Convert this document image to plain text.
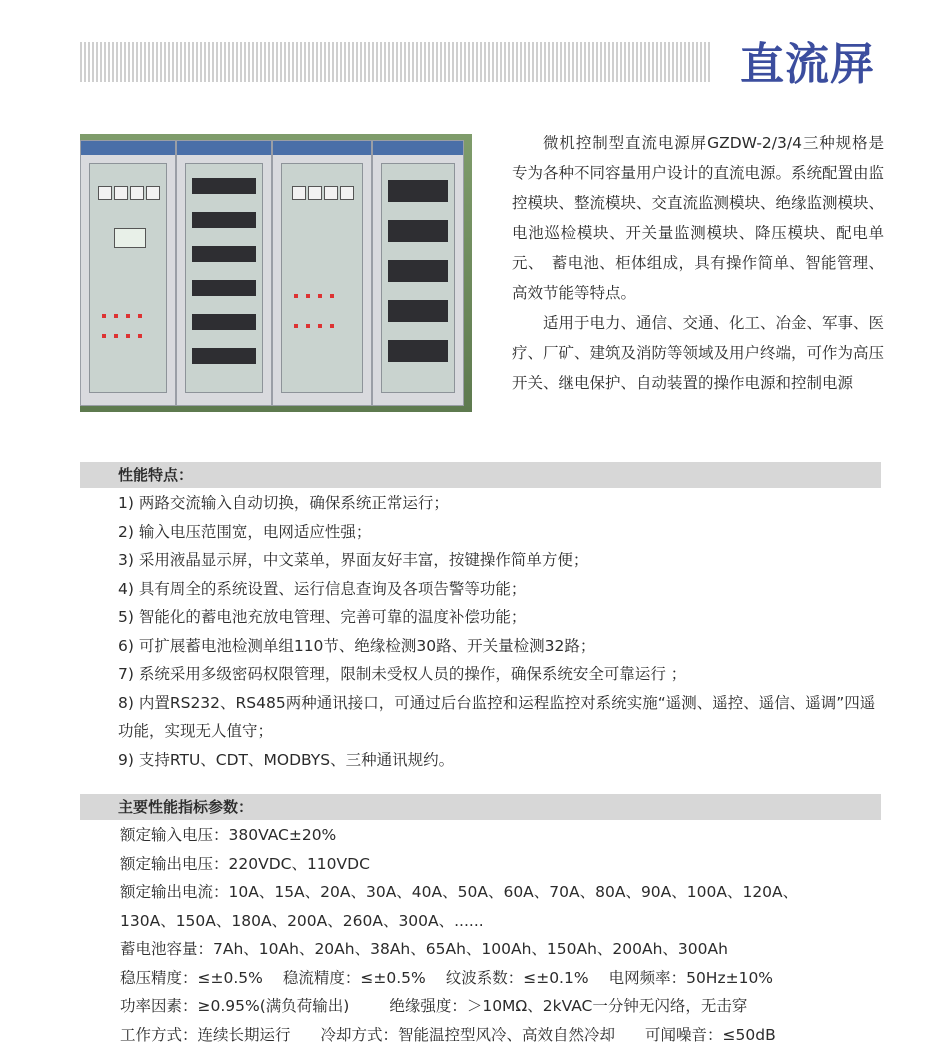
直流屏

微机控制型直流电源屏GZDW-2/3/4三种规格是专为各种不同容量用户设计的直流电源。系统配置由监控模块、整流模块、交直流监测模块、绝缘监测模块、电池巡检模块、开关量监测模块、降压模块、配电单元、　蓄电池、柜体组成，具有操作简单、智能管理、高效节能等特点。

适用于电力、通信、交通、化工、冶金、军事、医疗、厂矿、建筑及消防等领域及用户终端，可作为高压开关、继电保护、自动装置的操作电源和控制电源

性能特点：
1) 两路交流输入自动切换，确保系统正常运行；
2) 输入电压范围宽，电网适应性强；
3) 采用液晶显示屏，中文菜单，界面友好丰富，按键操作简单方便；
4) 具有周全的系统设置、运行信息查询及各项告警等功能；
5) 智能化的蓄电池充放电管理、完善可靠的温度补偿功能；
6) 可扩展蓄电池检测单组110节、绝缘检测30路、开关量检测32路；
7) 系统采用多级密码权限管理，限制未受权人员的操作，确保系统安全可靠运行 ；
8) 内置RS232、RS485两种通讯接口，可通过后台监控和运程监控对系统实施“遥测、遥控、遥信、遥调”四遥功能，实现无人值守；
9) 支持RTU、CDT、MODBYS、三种通讯规约。
主要性能指标参数：
额定输入电压：380VAC±20%
额定输出电压：220VDC、110VDC
额定输出电流：10A、15A、20A、30A、40A、50A、60A、70A、80A、90A、100A、120A、
130A、150A、180A、200A、260A、300A、......
蓄电池容量：7Ah、10Ah、20Ah、38Ah、65Ah、100Ah、150Ah、200Ah、300Ah
稳压精度：≤±0.5% 稳流精度：≤±0.5% 纹波系数：≤±0.1% 电网频率：50Hz±10%
功率因素：≥0.95%(满负荷输出)	绝缘强度：＞10MΩ、2kVAC一分钟无闪络，无击穿
工作方式：连续长期运行 冷却方式：智能温控型风冷、高效自然冷却 可闻噪音：≤50dB
